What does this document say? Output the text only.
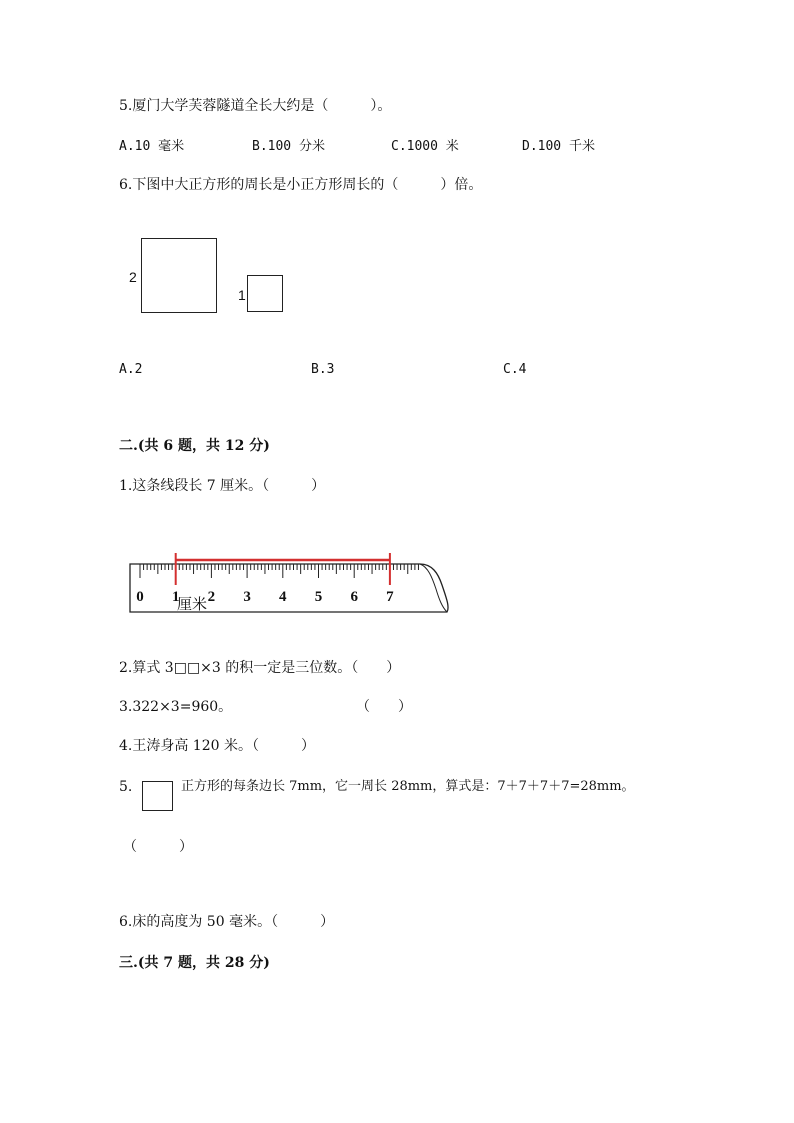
5.厦门大学芙蓉隧道全长大约是（　　　）。
A.10 毫米	B.100 分米	C.1000 米	D.100 千米
6.下图中大正方形的周长是小正方形周长的（　　　）倍。
2
1
A.2	B.3	C.4
二.(共 6 题，共 12 分)
1.这条线段长 7 厘米。（　　　）
0 1 2 3 4 5 6 7
厘米
2.算式 3□□×3 的积一定是三位数。（　　）
3.322×3=960。	（　　）
4.王涛身高 120 米。（　　　）
5.	正方形的每条边长 7mm，它一周长 28mm，算式是：7＋7＋7＋7=28mm。
（　　　）
6.床的高度为 50 毫米。（　　　）
三.(共 7 题，共 28 分)
